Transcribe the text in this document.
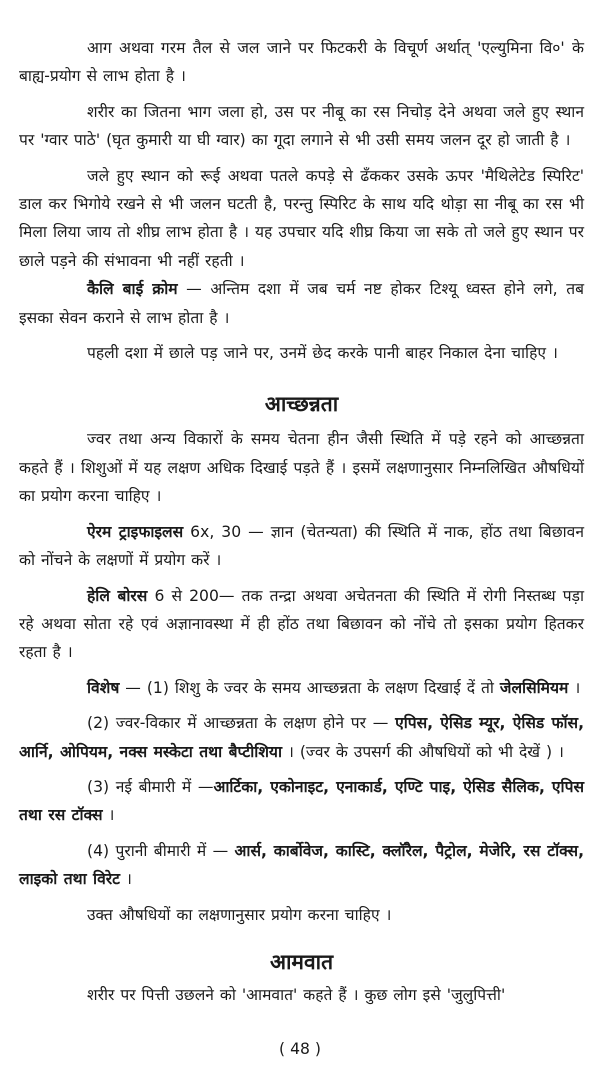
आग अथवा गरम तैल से जल जाने पर फिटकरी के विचूर्ण अर्थात् 'एल्युमिना वि०' के बाह्य-प्रयोग से लाभ होता है ।

शरीर का जितना भाग जला हो, उस पर नीबू का रस निचोड़ देने अथवा जले हुए स्थान पर 'ग्वार पाठे' (घृत कुमारी या घी ग्वार) का गूदा लगाने से भी उसी समय जलन दूर हो जाती है ।

जले हुए स्थान को रूई अथवा पतले कपड़े से ढँककर उसके ऊपर 'मैथिलेटेड स्पिरिट' डाल कर भिगोये रखने से भी जलन घटती है, परन्तु स्पिरिट के साथ यदि थोड़ा सा नीबू का रस भी मिला लिया जाय तो शीघ्र लाभ होता है । यह उपचार यदि शीघ्र किया जा सके तो जले हुए स्थान पर छाले पड़ने की संभावना भी नहीं रहती ।

कैलि बाई क्रोम — अन्तिम दशा में जब चर्म नष्ट होकर टिश्यू ध्वस्त होने लगे, तब इसका सेवन कराने से लाभ होता है ।

पहली दशा में छाले पड़ जाने पर, उनमें छेद करके पानी बाहर निकाल देना चाहिए ।

आच्छन्नता

ज्वर तथा अन्य विकारों के समय चेतना हीन जैसी स्थिति में पड़े रहने को आच्छन्नता कहते हैं । शिशुओं में यह लक्षण अधिक दिखाई पड़ते हैं । इसमें लक्षणानुसार निम्नलिखित औषधियों का प्रयोग करना चाहिए ।

ऐरम ट्राइफाइलस 6x, 30 — ज्ञान (चेतन्यता) की स्थिति में नाक, होंठ तथा बिछावन को नोंचने के लक्षणों में प्रयोग करें ।

हेलि बोरस 6 से 200— तक तन्द्रा अथवा अचेतनता की स्थिति में रोगी निस्तब्ध पड़ा रहे अथवा सोता रहे एवं अज्ञानावस्था में ही होंठ तथा बिछावन को नोंचे तो इसका प्रयोग हितकर रहता है ।

विशेष — (1) शिशु के ज्वर के समय आच्छन्नता के लक्षण दिखाई दें तो जेलसिमियम ।

(2) ज्वर-विकार में आच्छन्नता के लक्षण होने पर — एपिस, ऐसिड म्यूर, ऐसिड फॉस, आर्नि, ओपियम, नक्स मस्केटा तथा बैप्टीशिया । (ज्वर के उपसर्ग की औषधियों को भी देखें ) ।

(3) नई बीमारी में —आर्टिका, एकोनाइट, एनाकार्ड, एण्टि पाइ, ऐसिड सैलिक, एपिस तथा रस टॉक्स ।

(4) पुरानी बीमारी में — आर्स, कार्बोवेज, कास्टि, क्लॉरैल, पैट्रोल, मेजेरि, रस टॉक्स, लाइको तथा विरेट ।

उक्त औषधियों का लक्षणानुसार प्रयोग करना चाहिए ।

आमवात

शरीर पर पित्ती उछलने को 'आमवात' कहते हैं । कुछ लोग इसे 'जुलुपित्ती'

( 48 )
